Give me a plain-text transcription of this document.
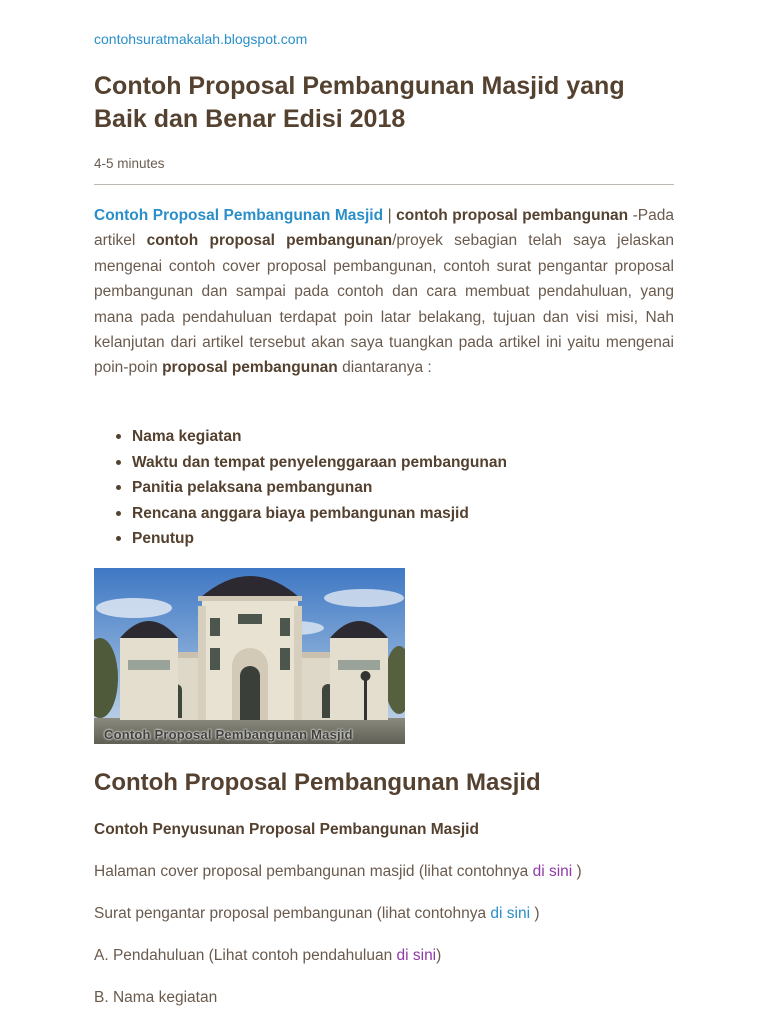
contohsuratmakalah.blogspot.com
Contoh Proposal Pembangunan Masjid yang Baik dan Benar Edisi 2018
4-5 minutes

Contoh Proposal Pembangunan Masjid | contoh proposal pembangunan -Pada artikel contoh proposal pembangunan/proyek sebagian telah saya jelaskan mengenai contoh cover proposal pembangunan, contoh surat pengantar proposal pembangunan dan sampai pada contoh dan cara membuat pendahuluan, yang mana pada pendahuluan terdapat poin latar belakang, tujuan dan visi misi, Nah kelanjutan dari artikel tersebut akan saya tuangkan pada artikel ini yaitu mengenai poin-poin proposal pembangunan diantaranya :

Nama kegiatan
Waktu dan tempat penyelenggaraan pembangunan
Panitia pelaksana pembangunan
Rencana anggara biaya pembangunan masjid
Penutup
Contoh Proposal Pembangunan Masjid
Contoh Proposal Pembangunan Masjid
Contoh Penyusunan Proposal Pembangunan Masjid

Halaman cover proposal pembangunan masjid (lihat contohnya di sini )

Surat pengantar proposal pembangunan (lihat contohnya di sini )

A. Pendahuluan (Lihat contoh pendahuluan di sini)

B. Nama kegiatan
